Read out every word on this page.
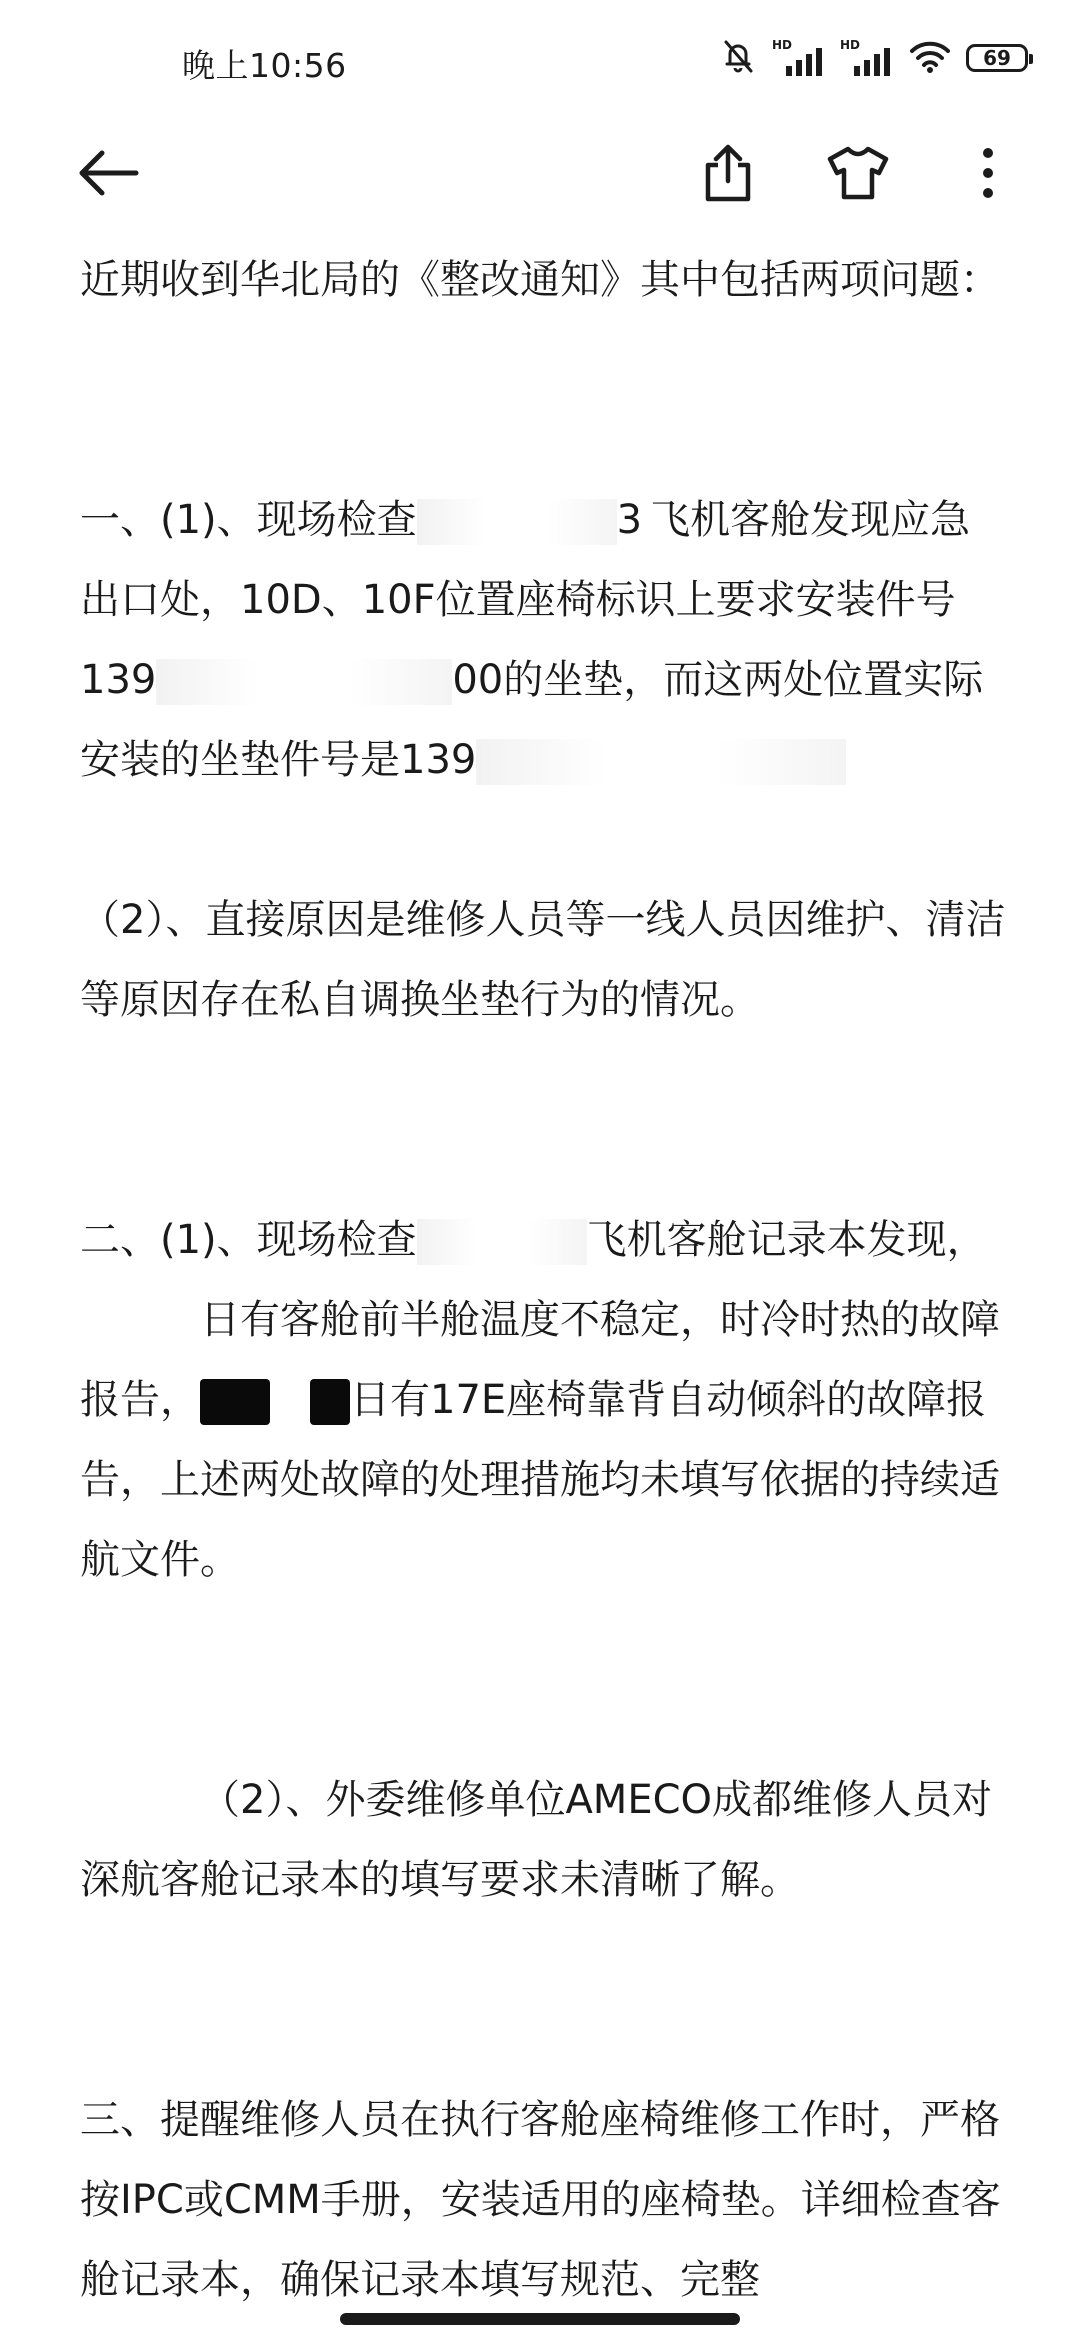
晚上10:56
HD	HD
69

近期收到华北局的《整改通知》其中包括两项问题：

一、(1)、现场检查	3 飞机客舱发现应急出口处，10D、10F位置座椅标识上要求安装件号139	00的坐垫，而这两处位置实际安装的坐垫件号是139

（2）、直接原因是维修人员等一线人员因维护、清洁等原因存在私自调换坐垫行为的情况。

二、(1)、现场检查	飞机客舱记录本发现，日有客舱前半舱温度不稳定，时冷时热的故障报告，	日有17E座椅靠背自动倾斜的故障报告，上述两处故障的处理措施均未填写依据的持续适航文件。

（2）、外委维修单位AMECO成都维修人员对深航客舱记录本的填写要求未清晰了解。

三、提醒维修人员在执行客舱座椅维修工作时，严格按IPC或CMM手册，安装适用的座椅垫。详细检查客舱记录本，确保记录本填写规范、完整
